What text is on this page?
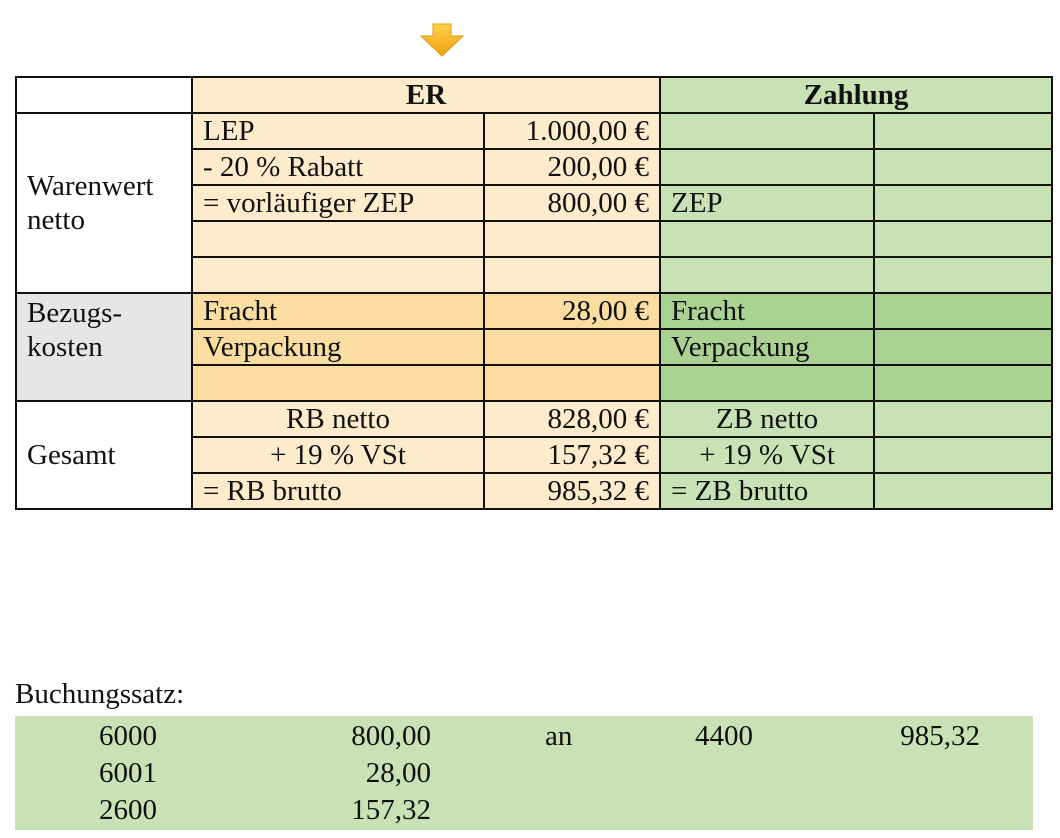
	ER		Zahlung	
Warenwert netto	LEP	1.000,00 €		
	- 20 % Rabatt	200,00 €		
	= vorläufiger ZEP	800,00 €	ZEP	

Bezugs- kosten	Fracht	28,00 €	Fracht	
	Verpackung		Verpackung	

Gesamt	RB netto	828,00 €	ZB netto	
	+ 19 % VSt	157,32 €	+ 19 % VSt	
	= RB brutto	985,32 €	= ZB brutto	
Buchungssatz:
6000	800,00	an	4400	985,32
6001	28,00
2600	157,32
